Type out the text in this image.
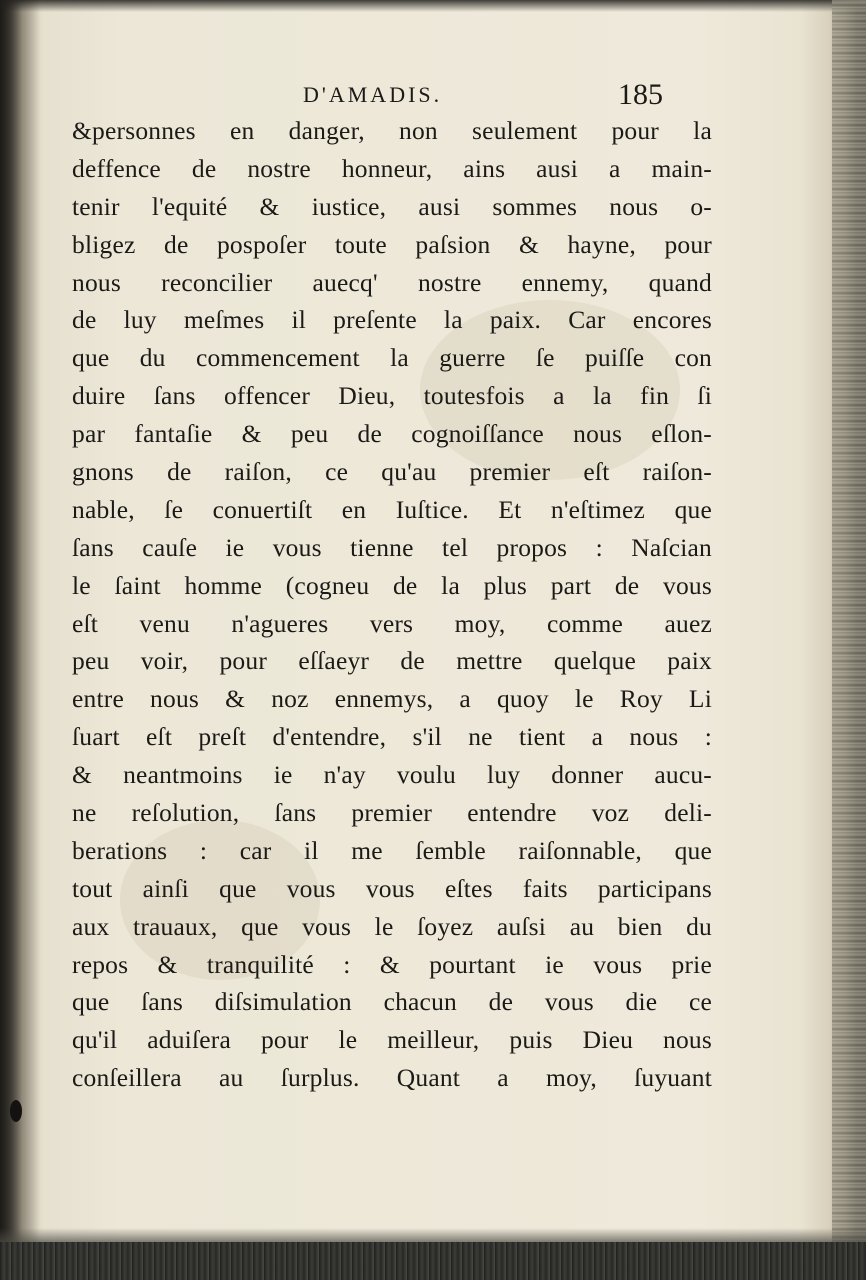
D'AMADIS.	185
&personnes en danger, non seulement pour la
deffence de nostre honneur, ains ausi a main-
tenir l'equité & iustice, ausi sommes nous o-
bligez de pospoſer toute paſsion & hayne, pour
nous reconcilier auecq' nostre ennemy, quand
de luy meſmes il preſente la paix. Car encores
que du commencement la guerre ſe puiſſe con
duire ſans offencer Dieu, toutesfois a la fin ſi
par fantaſie & peu de cognoiſſance nous eſlon-
gnons de raiſon, ce qu'au premier eſt raiſon-
nable, ſe conuertiſt en Iuſtice. Et n'eſtimez que
ſans cauſe ie vous tienne tel propos : Naſcian
le ſaint homme (cogneu de la plus part de vous
eſt venu n'agueres vers moy, comme auez
peu voir, pour eſſaeyr de mettre quelque paix
entre nous & noz ennemys, a quoy le Roy Li
ſuart eſt preſt d'entendre, s'il ne tient a nous :
& neantmoins ie n'ay voulu luy donner aucu-
ne reſolution, ſans premier entendre voz deli-
berations : car il me ſemble raiſonnable, que
tout ainſi que vous vous eſtes faits participans
aux trauaux, que vous le ſoyez auſsi au bien du
repos & tranquilité : & pourtant ie vous prie
que ſans diſsimulation chacun de vous die ce
qu'il aduiſera pour le meilleur, puis Dieu nous
conſeillera au ſurplus. Quant a moy, ſuyuant
